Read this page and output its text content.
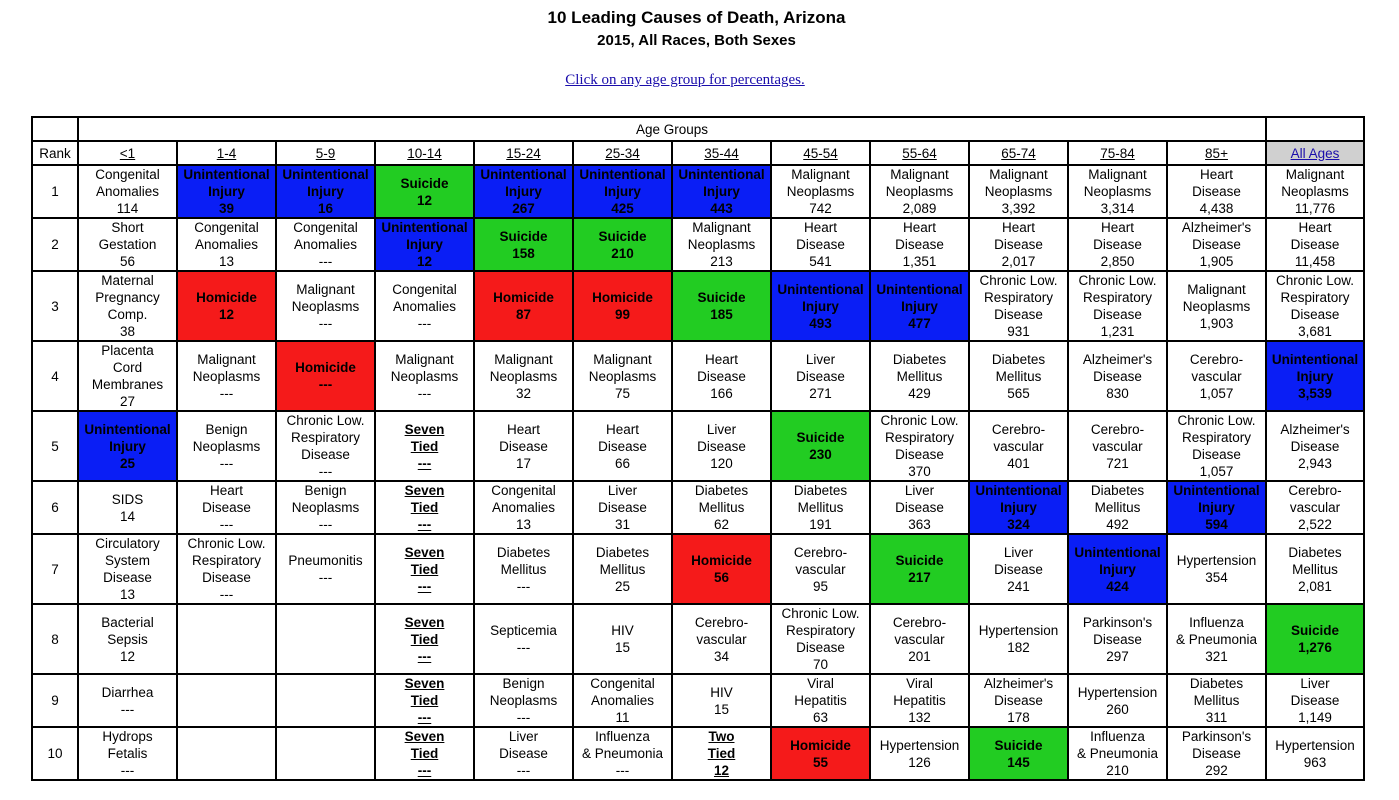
10 Leading Causes of Death, Arizona
2015, All Races, Both Sexes
Click on any age group for percentages.
	Age Groups												
Rank	<1	1-4	5-9	10-14	15-24	25-34	35-44	45-54	55-64	65-74	75-84	85+	All Ages
1	Congenital
Anomalies
114	Unintentional
Injury
39	Unintentional
Injury
16	Suicide
12	Unintentional
Injury
267	Unintentional
Injury
425	Unintentional
Injury
443	Malignant
Neoplasms
742	Malignant
Neoplasms
2,089	Malignant
Neoplasms
3,392	Malignant
Neoplasms
3,314	Heart
Disease
4,438	Malignant
Neoplasms
11,776

2	Short
Gestation
56	Congenital
Anomalies
13	Congenital
Anomalies
---	Unintentional
Injury
12	Suicide
158	Suicide
210	Malignant
Neoplasms
213	Heart
Disease
541	Heart
Disease
1,351	Heart
Disease
2,017	Heart
Disease
2,850	Alzheimer's
Disease
1,905	Heart
Disease
11,458

3	Maternal
Pregnancy
Comp.
38	Homicide
12	Malignant
Neoplasms
---	Congenital
Anomalies
---	Homicide
87	Homicide
99	Suicide
185	Unintentional
Injury
493	Unintentional
Injury
477	Chronic Low.
Respiratory
Disease
931	Chronic Low.
Respiratory
Disease
1,231	Malignant
Neoplasms
1,903	Chronic Low.
Respiratory
Disease
3,681

4	Placenta
Cord
Membranes
27	Malignant
Neoplasms
---	Homicide
---	Malignant
Neoplasms
---	Malignant
Neoplasms
32	Malignant
Neoplasms
75	Heart
Disease
166	Liver
Disease
271	Diabetes
Mellitus
429	Diabetes
Mellitus
565	Alzheimer's
Disease
830	Cerebro-
vascular
1,057	Unintentional
Injury
3,539

5	Unintentional
Injury
25	Benign
Neoplasms
---	Chronic Low.
Respiratory
Disease
---	Seven
Tied
---	Heart
Disease
17	Heart
Disease
66	Liver
Disease
120	Suicide
230	Chronic Low.
Respiratory
Disease
370	Cerebro-
vascular
401	Cerebro-
vascular
721	Chronic Low.
Respiratory
Disease
1,057	Alzheimer's
Disease
2,943

6	SIDS
14	Heart
Disease
---	Benign
Neoplasms
---	Seven
Tied
---	Congenital
Anomalies
13	Liver
Disease
31	Diabetes
Mellitus
62	Diabetes
Mellitus
191	Liver
Disease
363	Unintentional
Injury
324	Diabetes
Mellitus
492	Unintentional
Injury
594	Cerebro-
vascular
2,522

7	Circulatory
System
Disease
13	Chronic Low.
Respiratory
Disease
---	Pneumonitis
---	Seven
Tied
---	Diabetes
Mellitus
---	Diabetes
Mellitus
25	Homicide
56	Cerebro-
vascular
95	Suicide
217	Liver
Disease
241	Unintentional
Injury
424	Hypertension
354	Diabetes
Mellitus
2,081

8	Bacterial
Sepsis
12			Seven
Tied
---	Septicemia
---	HIV
15	Cerebro-
vascular
34	Chronic Low.
Respiratory
Disease
70	Cerebro-
vascular
201	Hypertension
182	Parkinson's
Disease
297	Influenza
& Pneumonia
321	Suicide
1,276

9	Diarrhea
---			Seven
Tied
---	Benign
Neoplasms
---	Congenital
Anomalies
11	HIV
15	Viral
Hepatitis
63	Viral
Hepatitis
132	Alzheimer's
Disease
178	Hypertension
260	Diabetes
Mellitus
311	Liver
Disease
1,149

10	Hydrops
Fetalis
---			Seven
Tied
---	Liver
Disease
---	Influenza
& Pneumonia
---	Two
Tied
12	Homicide
55	Hypertension
126	Suicide
145	Influenza
& Pneumonia
210	Parkinson's
Disease
292	Hypertension
963
